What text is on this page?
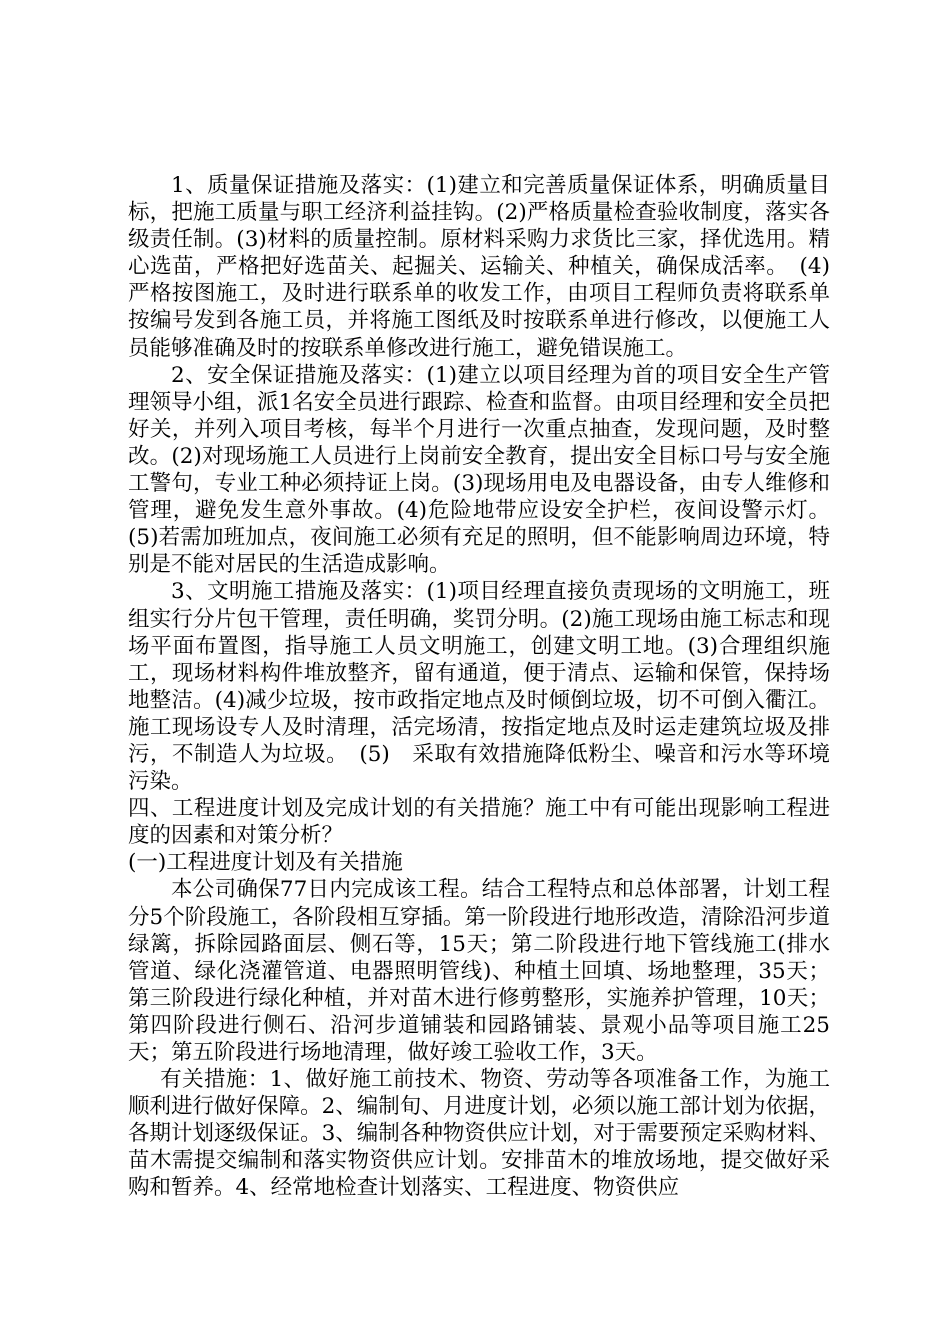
1、质量保证措施及落实：(1)建立和完善质量保证体系，明确质量目标，把施工质量与职工经济利益挂钩。(2)严格质量检查验收制度，落实各级责任制。(3)材料的质量控制。原材料采购力求货比三家，择优选用。精心选苗，严格把好选苗关、起掘关、运输关、种植关，确保成活率。　(4)严格按图施工，及时进行联系单的收发工作，由项目工程师负责将联系单按编号发到各施工员，并将施工图纸及时按联系单进行修改，以便施工人员能够准确及时的按联系单修改进行施工，避免错误施工。

2、安全保证措施及落实：(1)建立以项目经理为首的项目安全生产管理领导小组，派1名安全员进行跟踪、检查和监督。由项目经理和安全员把好关，并列入项目考核，每半个月进行一次重点抽查，发现问题，及时整改。(2)对现场施工人员进行上岗前安全教育，提出安全目标口号与安全施工警句，专业工种必须持证上岗。(3)现场用电及电器设备，由专人维修和管理，避免发生意外事故。(4)危险地带应设安全护栏，夜间设警示灯。(5)若需加班加点，夜间施工必须有充足的照明，但不能影响周边环境，特别是不能对居民的生活造成影响。

3、文明施工措施及落实：(1)项目经理直接负责现场的文明施工，班组实行分片包干管理，责任明确，奖罚分明。(2)施工现场由施工标志和现场平面布置图，指导施工人员文明施工，创建文明工地。(3)合理组织施工，现场材料构件堆放整齐，留有通道，便于清点、运输和保管，保持场地整洁。(4)减少垃圾，按市政指定地点及时倾倒垃圾，切不可倒入衢江。施工现场设专人及时清理，活完场清，按指定地点及时运走建筑垃圾及排污，不制造人为垃圾。　(5)　采取有效措施降低粉尘、噪音和污水等环境污染。

四、工程进度计划及完成计划的有关措施？施工中有可能出现影响工程进度的因素和对策分析？

(一)工程进度计划及有关措施

本公司确保77日内完成该工程。结合工程特点和总体部署，计划工程分5个阶段施工，各阶段相互穿插。第一阶段进行地形改造，清除沿河步道绿篱，拆除园路面层、侧石等，15天；第二阶段进行地下管线施工(排水管道、绿化浇灌管道、电器照明管线)、种植土回填、场地整理，35天；第三阶段进行绿化种植，并对苗木进行修剪整形，实施养护管理，10天；第四阶段进行侧石、沿河步道铺装和园路铺装、景观小品等项目施工25天；第五阶段进行场地清理，做好竣工验收工作，3天。

有关措施：1、做好施工前技术、物资、劳动等各项准备工作，为施工顺利进行做好保障。2、编制旬、月进度计划，必须以施工部计划为依据，各期计划逐级保证。3、编制各种物资供应计划，对于需要预定采购材料、苗木需提交编制和落实物资供应计划。安排苗木的堆放场地，提交做好采购和暂养。4、经常地检查计划落实、工程进度、物资供应
